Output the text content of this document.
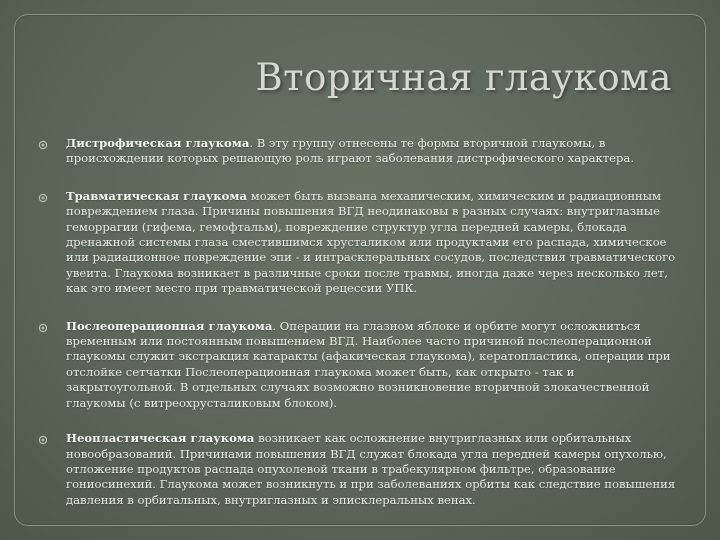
Вторичная глаукома
Дистрофическая глаукома. В эту группу отнесены те формы вторичной глаукомы, в происхождении которых решающую роль играют заболевания дистрофического характера.
Травматическая глаукома может быть вызвана механическим, химическим и радиационным повреждением глаза. Причины повышения ВГД неодинаковы в разных случаях: внутриглазные геморрагии (гифема, гемофтальм), повреждение структур угла передней камеры, блокада дренажной системы глаза сместившимся хрусталиком или продуктами его распада, химическое или радиационное повреждение эпи - и интрасклеральных сосудов, последствия травматического увеита. Глаукома возникает в различные сроки после травмы, иногда даже через несколько лет, как это имеет место при травматической рецессии УПК.
Послеоперационная глаукома. Операции на глазном яблоке и орбите могут осложниться временным или постоянным повышением ВГД. Наиболее часто причиной послеоперационной глаукомы служит экстракция катаракты (афакическая глаукома), кератопластика, операции при отслойке сетчатки Послеоперационная глаукома может быть, как открыто - так и закрытоугольной. В отдельных случаях возможно возникновение вторичной злокачественной глаукомы (с витреохрусталиковым блоком).
Неопластическая глаукома возникает как осложнение внутриглазных или орбитальных новообразований. Причинами повышения ВГД служат блокада угла передней камеры опухолью, отложение продуктов распада опухолевой ткани в трабекулярном фильтре, образование гониосинехий. Глаукома может возникнуть и при заболеваниях орбиты как следствие повышения давления в орбитальных, внутриглазных и эписклеральных венах.
